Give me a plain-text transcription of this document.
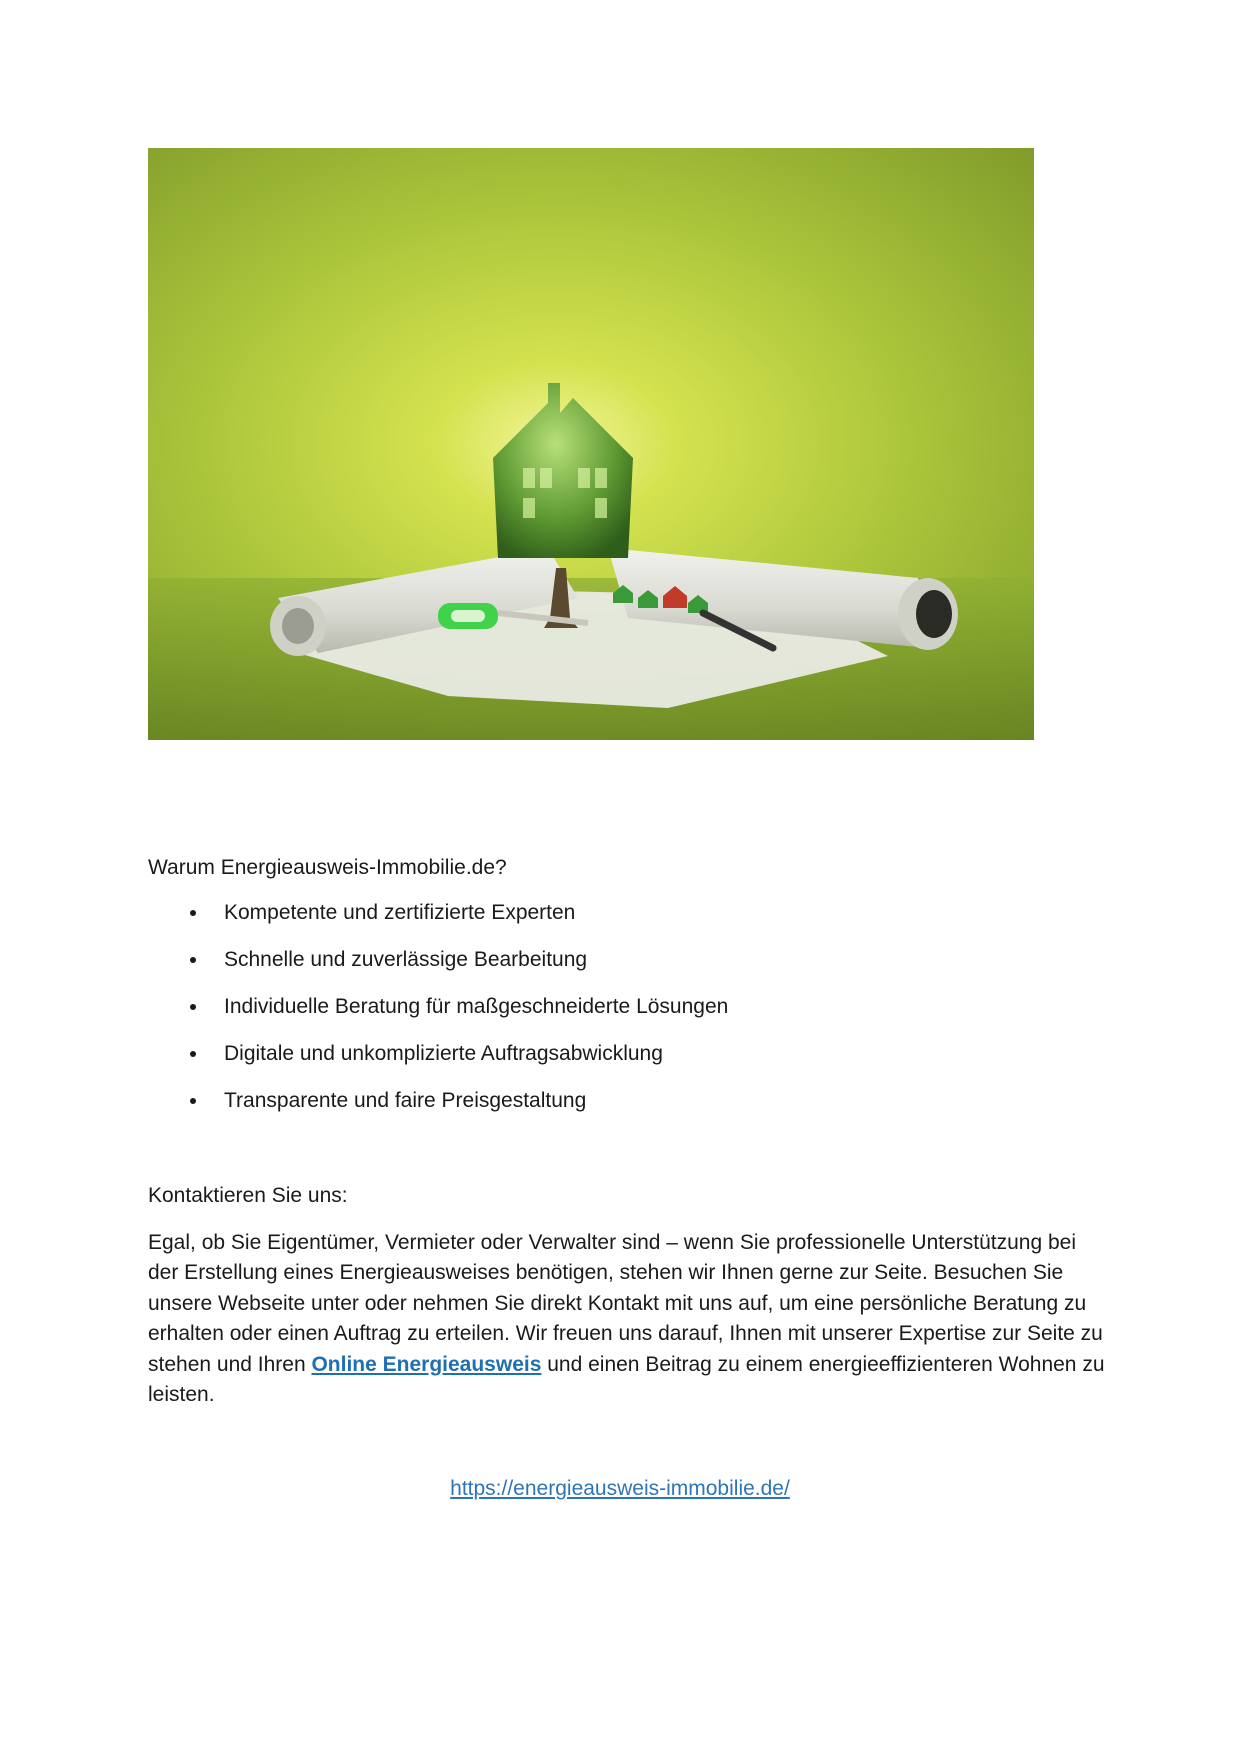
Warum Energieausweis-Immobilie.de?
Kompetente und zertifizierte Experten
Schnelle und zuverlässige Bearbeitung
Individuelle Beratung für maßgeschneiderte Lösungen
Digitale und unkomplizierte Auftragsabwicklung
Transparente und faire Preisgestaltung
Kontaktieren Sie uns:
Egal, ob Sie Eigentümer, Vermieter oder Verwalter sind – wenn Sie professionelle Unterstützung bei der Erstellung eines Energieausweises benötigen, stehen wir Ihnen gerne zur Seite. Besuchen Sie unsere Webseite unter oder nehmen Sie direkt Kontakt mit uns auf, um eine persönliche Beratung zu erhalten oder einen Auftrag zu erteilen. Wir freuen uns darauf, Ihnen mit unserer Expertise zur Seite zu stehen und Ihren Online Energieausweis und einen Beitrag zu einem energieeffizienteren Wohnen zu leisten.
https://energieausweis-immobilie.de/
